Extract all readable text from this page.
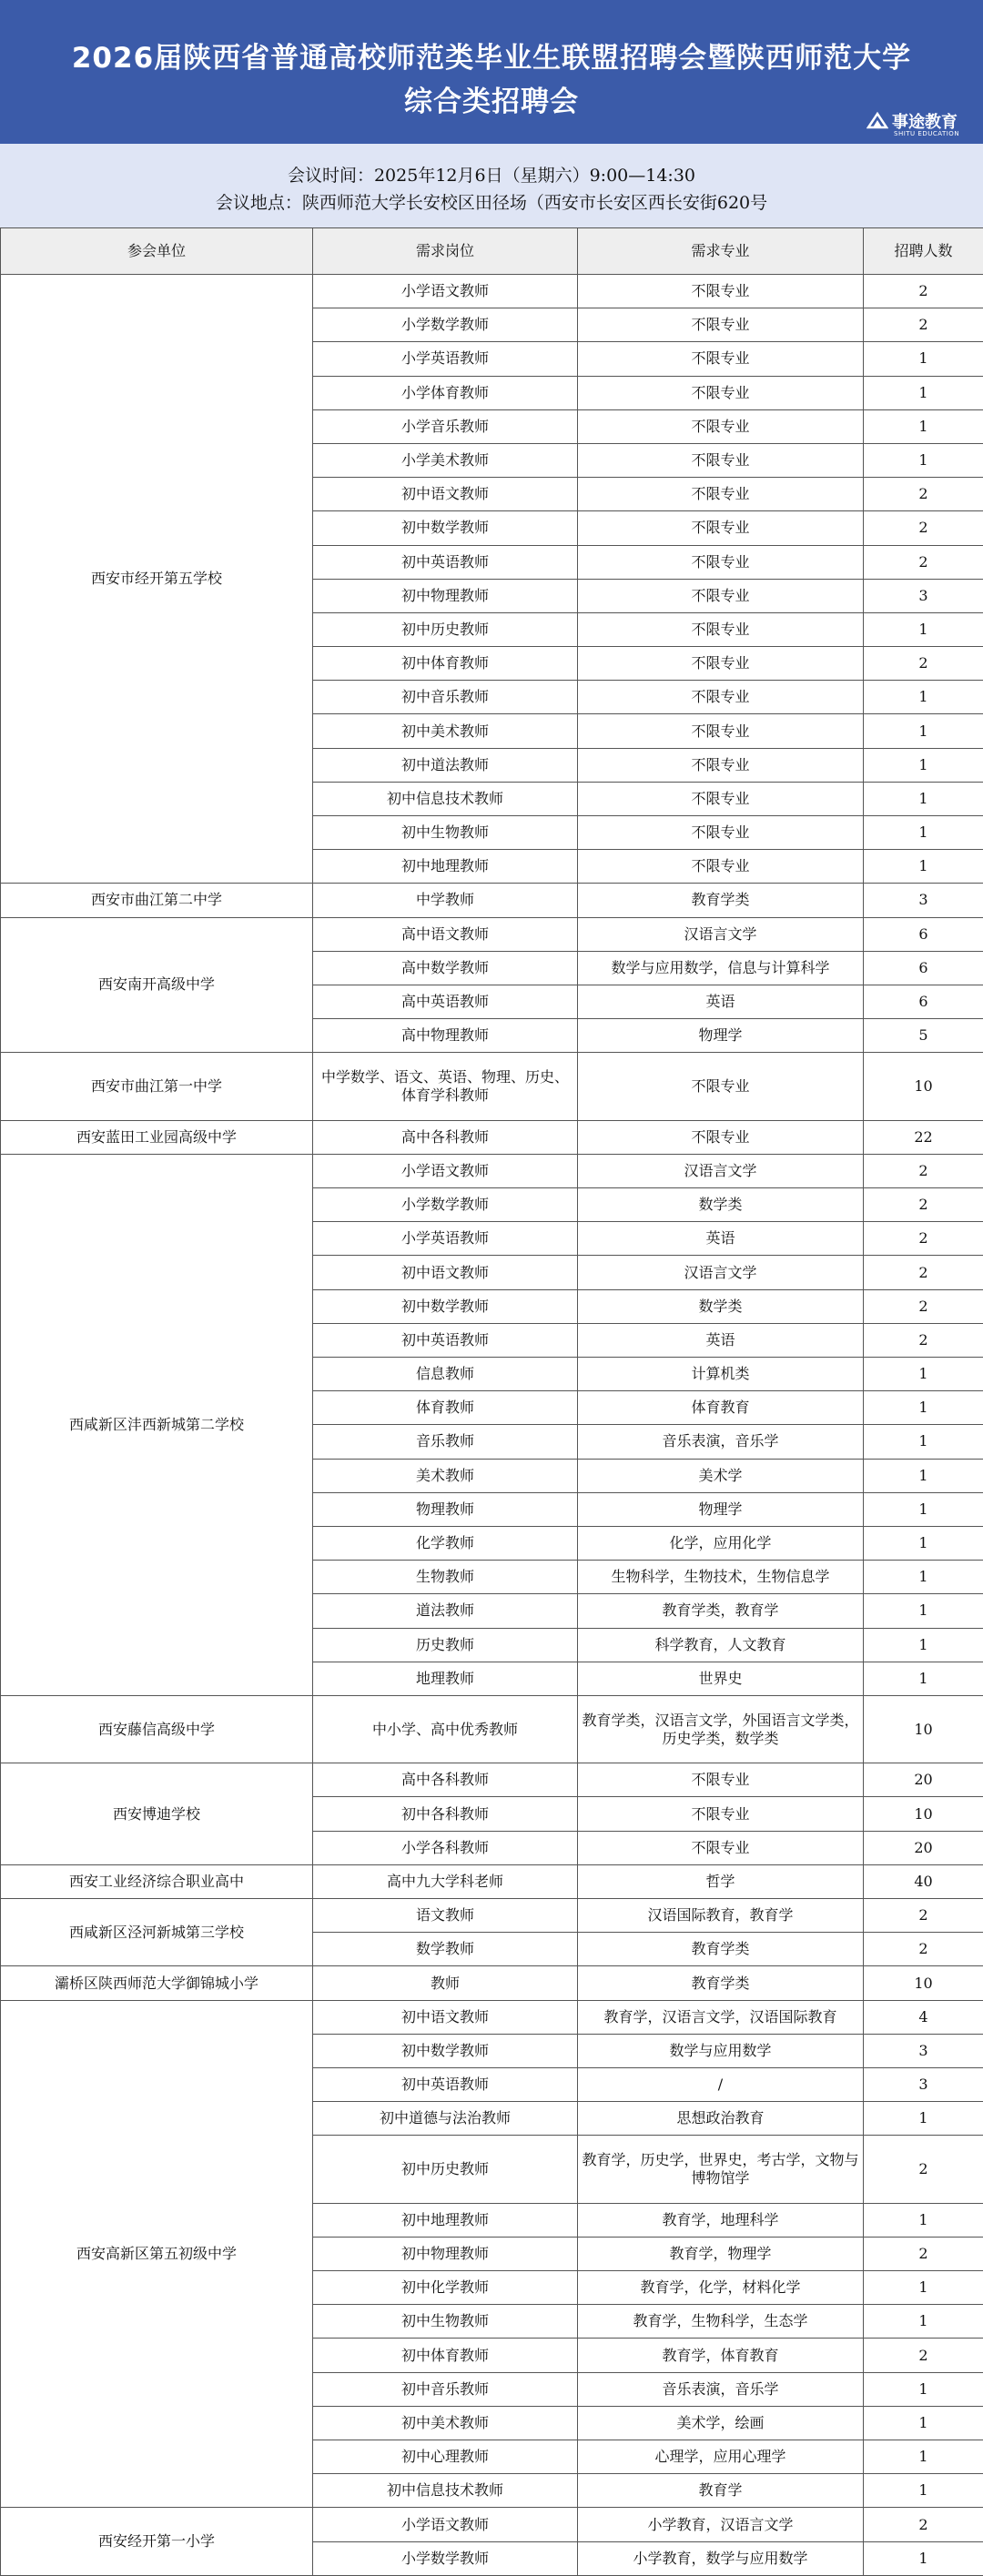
2026届陕西省普通高校师范类毕业生联盟招聘会暨陕西师范大学
综合类招聘会
事途教育
SHITU EDUCATION
会议时间：2025年12月6日（星期六）9:00—14:30
会议地点：陕西师范大学长安校区田径场（西安市长安区西长安街620号
参会单位	需求岗位	需求专业	招聘人数
西安市经开第五学校	小学语文教师	不限专业	2
	小学数学教师	不限专业	2
	小学英语教师	不限专业	1
	小学体育教师	不限专业	1
	小学音乐教师	不限专业	1
	小学美术教师	不限专业	1
	初中语文教师	不限专业	2
	初中数学教师	不限专业	2
	初中英语教师	不限专业	2
	初中物理教师	不限专业	3
	初中历史教师	不限专业	1
	初中体育教师	不限专业	2
	初中音乐教师	不限专业	1
	初中美术教师	不限专业	1
	初中道法教师	不限专业	1
	初中信息技术教师	不限专业	1
	初中生物教师	不限专业	1
	初中地理教师	不限专业	1
西安市曲江第二中学	中学教师	教育学类	3
西安南开高级中学	高中语文教师	汉语言文学	6
	高中数学教师	数学与应用数学，信息与计算科学	6
	高中英语教师	英语	6
	高中物理教师	物理学	5
西安市曲江第一中学	中学数学、语文、英语、物理、历史、体育学科教师	不限专业	10
西安蓝田工业园高级中学	高中各科教师	不限专业	22
西咸新区沣西新城第二学校	小学语文教师	汉语言文学	2
	小学数学教师	数学类	2
	小学英语教师	英语	2
	初中语文教师	汉语言文学	2
	初中数学教师	数学类	2
	初中英语教师	英语	2
	信息教师	计算机类	1
	体育教师	体育教育	1
	音乐教师	音乐表演，音乐学	1
	美术教师	美术学	1
	物理教师	物理学	1
	化学教师	化学，应用化学	1
	生物教师	生物科学，生物技术，生物信息学	1
	道法教师	教育学类，教育学	1
	历史教师	科学教育，人文教育	1
	地理教师	世界史	1
西安藤信高级中学	中小学、高中优秀教师	教育学类，汉语言文学，外国语言文学类，历史学类，数学类	10
西安博迪学校	高中各科教师	不限专业	20
	初中各科教师	不限专业	10
	小学各科教师	不限专业	20
西安工业经济综合职业高中	高中九大学科老师	哲学	40
西咸新区泾河新城第三学校	语文教师	汉语国际教育，教育学	2
	数学教师	教育学类	2
灞桥区陕西师范大学御锦城小学	教师	教育学类	10
西安高新区第五初级中学	初中语文教师	教育学，汉语言文学，汉语国际教育	4
	初中数学教师	数学与应用数学	3
	初中英语教师	/	3
	初中道德与法治教师	思想政治教育	1
	初中历史教师	教育学，历史学，世界史，考古学，文物与博物馆学	2
	初中地理教师	教育学，地理科学	1
	初中物理教师	教育学，物理学	2
	初中化学教师	教育学，化学，材料化学	1
	初中生物教师	教育学，生物科学，生态学	1
	初中体育教师	教育学，体育教育	2
	初中音乐教师	音乐表演，音乐学	1
	初中美术教师	美术学，绘画	1
	初中心理教师	心理学，应用心理学	1
	初中信息技术教师	教育学	1
西安经开第一小学	小学语文教师	小学教育，汉语言文学	2
	小学数学教师	小学教育，数学与应用数学	1
